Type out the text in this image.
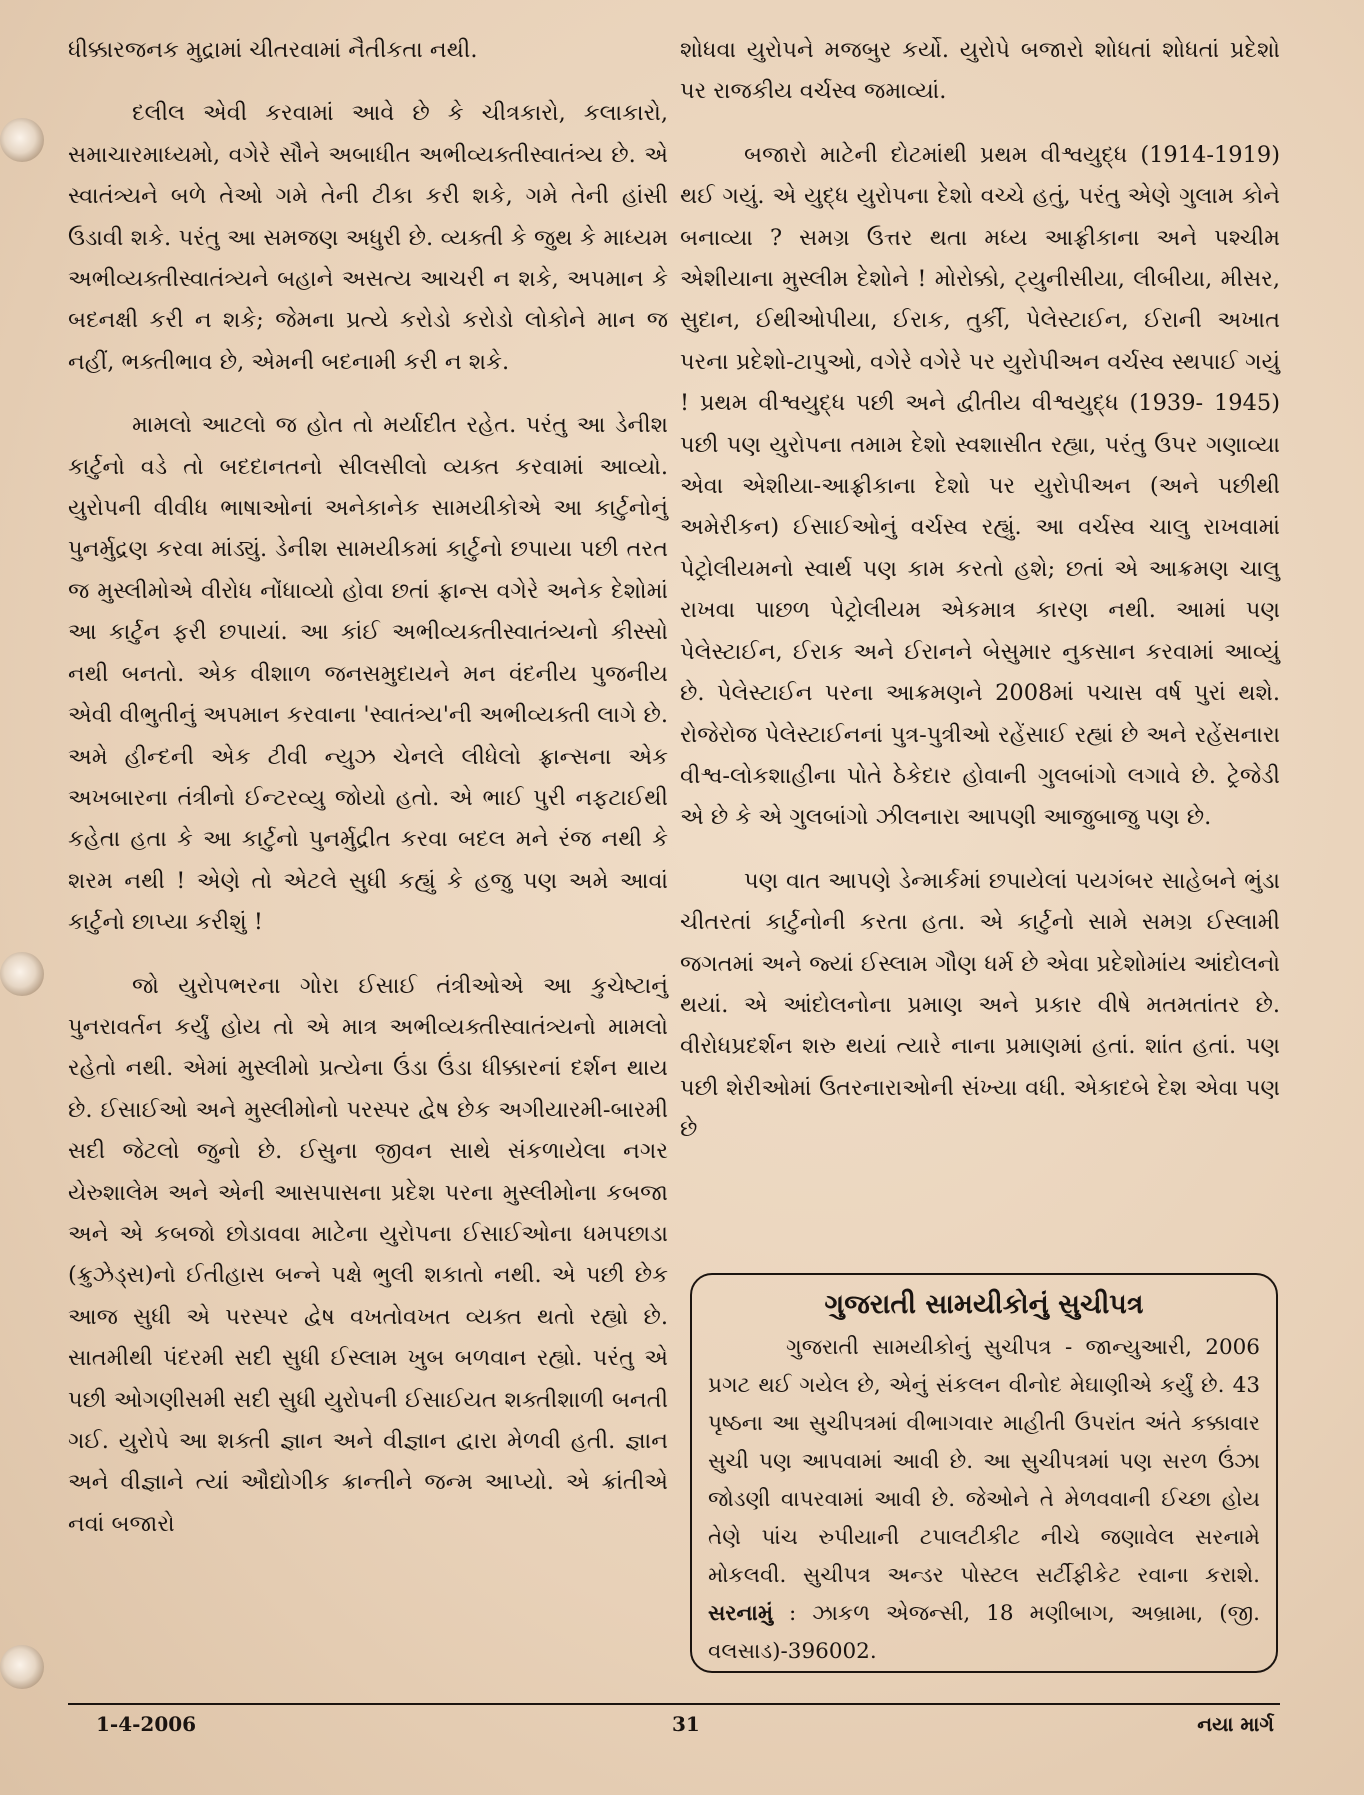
ધીક્કારજનક મુદ્રામાં ચીતરવામાં નૈતીકતા નથી.

દલીલ એવી કરવામાં આવે છે કે ચીત્રકારો, કલાકારો, સમાચારમાધ્યમો, વગેરે સૌને અબાધીત અભીવ્યક્તીસ્વાતંત્ર્ય છે. એ સ્વાતંત્ર્યને બળે તેઓ ગમે તેની ટીકા કરી શકે, ગમે તેની હાંસી ઉડાવી શકે. પરંતુ આ સમજણ અધુરી છે. વ્યક્તી કે જુથ કે માધ્યમ અભીવ્યક્તીસ્વાતંત્ર્યને બહાને અસત્ય આચરી ન શકે, અપમાન કે બદનક્ષી કરી ન શકે; જેમના પ્રત્યે કરોડો કરોડો લોકોને માન જ નહીં, ભક્તીભાવ છે, એમની બદનામી કરી ન શકે.

મામલો આટલો જ હોત તો મર્યાદીત રહેત. પરંતુ આ ડેનીશ કાર્ટુનો વડે તો બદદાનતનો સીલસીલો વ્યક્ત કરવામાં આવ્યો. યુરોપની વીવીધ ભાષાઓનાં અનેકાનેક સામયીકોએ આ કાર્ટુનોનું પુનર્મુદ્રણ કરવા માંડ્યું. ડેનીશ સામયીકમાં કાર્ટુનો છપાયા પછી તરત જ મુસ્લીમોએ વીરોધ નોંધાવ્યો હોવા છતાં ફ્રાન્સ વગેરે અનેક દેશોમાં આ કાર્ટુન ફરી છપાયાં. આ કાંઈ અભીવ્યક્તીસ્વાતંત્ર્યનો કીસ્સો નથી બનતો. એક વીશાળ જનસમુદાયને મન વંદનીય પુજનીય એવી વીભુતીનું અપમાન કરવાના 'સ્વાતંત્ર્ય'ની અભીવ્યક્તી લાગે છે. અમે હીન્દની એક ટીવી ન્યુઝ ચેનલે લીધેલો ફ્રાન્સના એક અખબારના તંત્રીનો ઈન્ટરવ્યુ જોયો હતો. એ ભાઈ પુરી નફટાઈથી કહેતા હતા કે આ કાર્ટુનો પુનર્મુદ્રીત કરવા બદલ મને રંજ નથી કે શરમ નથી ! એણે તો એટલે સુધી કહ્યું કે હજુ પણ અમે આવાં કાર્ટુનો છાપ્યા કરીશું !

જો યુરોપભરના ગોરા ઈસાઈ તંત્રીઓએ આ કુચેષ્ટાનું પુનરાવર્તન કર્યું હોય તો એ માત્ર અભીવ્યક્તીસ્વાતંત્ર્યનો મામલો રહેતો નથી. એમાં મુસ્લીમો પ્રત્યેના ઉંડા ઉંડા ધીક્કારનાં દર્શન થાય છે. ઈસાઈઓ અને મુસ્લીમોનો પરસ્પર દ્વેષ છેક અગીયારમી-બારમી સદી જેટલો જુનો છે. ઈસુના જીવન સાથે સંકળાયેલા નગર યેરુશાલેમ અને એની આસપાસના પ્રદેશ પરના મુસ્લીમોના કબજા અને એ કબજો છોડાવવા માટેના યુરોપના ઈસાઈઓના ધમપછાડા (ક્રુઝેડ્સ)નો ઈતીહાસ બન્ને પક્ષે ભુલી શકાતો નથી. એ પછી છેક આજ સુધી એ પરસ્પર દ્વેષ વખતોવખત વ્યક્ત થતો રહ્યો છે. સાતમીથી પંદરમી સદી સુધી ઈસ્લામ ખુબ બળવાન રહ્યો. પરંતુ એ પછી ઓગણીસમી સદી સુધી યુરોપની ઈસાઈયત શક્તીશાળી બનતી ગઈ. યુરોપે આ શક્તી જ્ઞાન અને વીજ્ઞાન દ્વારા મેળવી હતી. જ્ઞાન અને વીજ્ઞાને ત્યાં ઔદ્યોગીક ક્રાન્તીને જન્મ આપ્યો. એ ક્રાંતીએ નવાં બજારો

શોધવા યુરોપને મજબુર કર્યો. યુરોપે બજારો શોધતાં શોધતાં પ્રદેશો પર રાજકીય વર્ચસ્વ જમાવ્યાં.

બજારો માટેની દોટમાંથી પ્રથમ વીશ્વયુદ્ધ (1914-1919) થઈ ગયું. એ યુદ્ધ યુરોપના દેશો વચ્ચે હતું, પરંતુ એણે ગુલામ કોને બનાવ્યા ? સમગ્ર ઉત્તર થતા મધ્ય આફ્રીકાના અને પશ્ચીમ એશીયાના મુસ્લીમ દેશોને ! મોરોક્કો, ટ્યુનીસીયા, લીબીયા, મીસર, સુદાન, ઈથીઓપીયા, ઈરાક, તુર્કી, પેલેસ્ટાઈન, ઈરાની અખાત પરના પ્રદેશો-ટાપુઓ, વગેરે વગેરે પર યુરોપીઅન વર્ચસ્વ સ્થપાઈ ગયું ! પ્રથમ વીશ્વયુદ્ધ પછી અને દ્વીતીય વીશ્વયુદ્ધ (1939- 1945) પછી પણ યુરોપના તમામ દેશો સ્વશાસીત રહ્યા, પરંતુ ઉપર ગણાવ્યા એવા એશીયા-આફ્રીકાના દેશો પર યુરોપીઅન (અને પછીથી અમેરીકન) ઈસાઈઓનું વર્ચસ્વ રહ્યું. આ વર્ચસ્વ ચાલુ રાખવામાં પેટ્રોલીયમનો સ્વાર્થ પણ કામ કરતો હશે; છતાં એ આક્રમણ ચાલુ રાખવા પાછળ પેટ્રોલીયમ એકમાત્ર કારણ નથી. આમાં પણ પેલેસ્ટાઈન, ઈરાક અને ઈરાનને બેસુમાર નુકસાન કરવામાં આવ્યું છે. પેલેસ્ટાઈન પરના આક્રમણને 2008માં પચાસ વર્ષ પુરાં થશે. રોજેરોજ પેલેસ્ટાઈનનાં પુત્ર-પુત્રીઓ રહેંસાઈ રહ્યાં છે અને રહેંસનારા વીશ્વ-લોકશાહીના પોતે ઠેકેદાર હોવાની ગુલબાંગો લગાવે છે. ટ્રેજેડી એ છે કે એ ગુલબાંગો ઝીલનારા આપણી આજુબાજુ પણ છે.

પણ વાત આપણે ડેન્માર્કમાં છપાયેલાં પયગંબર સાહેબને ભુંડા ચીતરતાં કાર્ટુનોની કરતા હતા. એ કાર્ટુનો સામે સમગ્ર ઈસ્લામી જગતમાં અને જ્યાં ઈસ્લામ ગૌણ ધર્મ છે એવા પ્રદેશોમાંય આંદોલનો થયાં. એ આંદોલનોના પ્રમાણ અને પ્રકાર વીષે મતમતાંતર છે. વીરોધપ્રદર્શન શરુ થયાં ત્યારે નાના પ્રમાણમાં હતાં. શાંત હતાં. પણ પછી શેરીઓમાં ઉતરનારાઓની સંખ્યા વધી. એકાદબે દેશ એવા પણ છે

ગુજરાતી સામયીકોનું સુચીપત્ર

ગુજરાતી સામયીકોનું સુચીપત્ર - જાન્યુઆરી, 2006 પ્રગટ થઈ ગયેલ છે, એનું સંકલન વીનોદ મેઘાણીએ કર્યું છે. 43 પૃષ્ઠના આ સુચીપત્રમાં વીભાગવાર માહીતી ઉપરાંત અંતે કક્કાવાર સુચી પણ આપવામાં આવી છે. આ સુચીપત્રમાં પણ સરળ ઉંઝા જોડણી વાપરવામાં આવી છે. જેઓને તે મેળવવાની ઈચ્છા હોય તેણે પાંચ રુપીયાની ટપાલટીકીટ નીચે જણાવેલ સરનામે મોકલવી. સુચીપત્ર અન્ડર પોસ્ટલ સર્ટીફીકેટ રવાના કરાશે. સરનામું : ઝાકળ એજન્સી, 18 મણીબાગ, અબ્રામા, (જી. વલસાડ)-396002.

1-4-2006	31	નયા માર્ગ
